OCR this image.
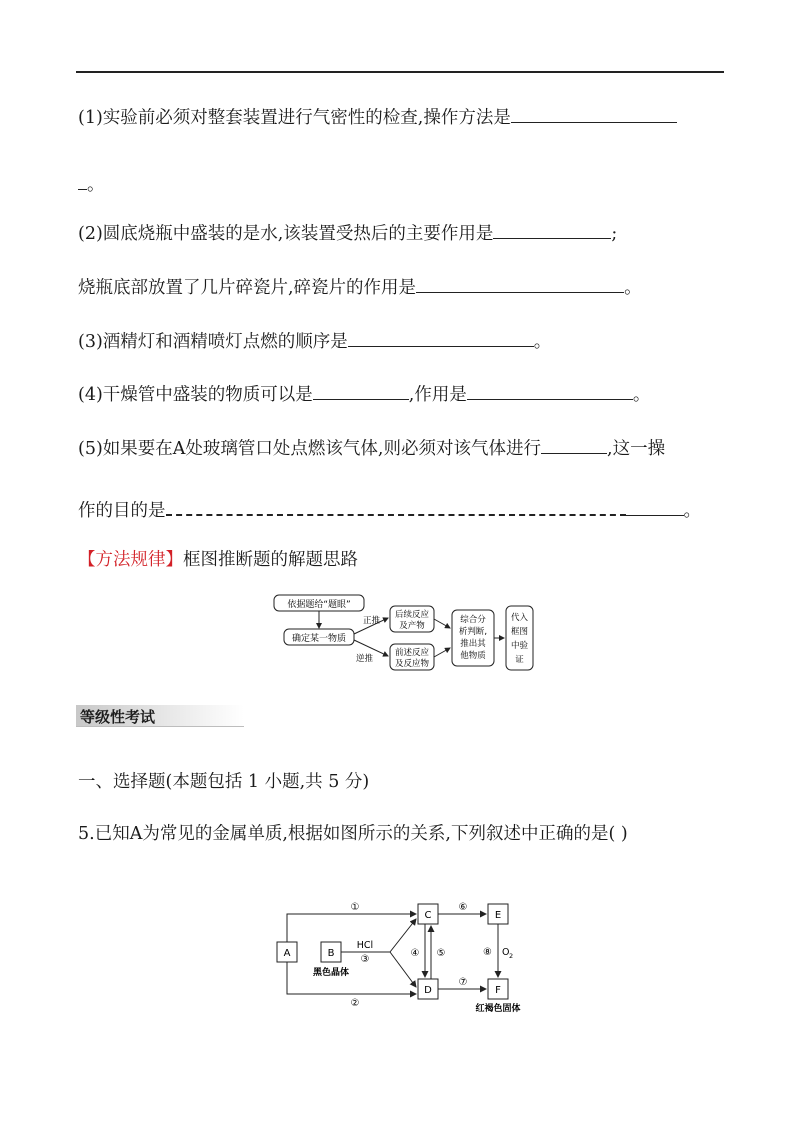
(1)实验前必须对整套装置进行气密性的检查,操作方法是
。
(2)圆底烧瓶中盛装的是水,该装置受热后的主要作用是	;
烧瓶底部放置了几片碎瓷片,碎瓷片的作用是	。
(3)酒精灯和酒精喷灯点燃的顺序是	。
(4)干燥管中盛装的物质可以是	,作用是	。
(5)如果要在A处玻璃管口处点燃该气体,则必须对该气体进行	,这一操
作的目的是	。
【方法规律】框图推断题的解题思路
依据题给“题眼”
确定某一物质
正推
逆推
后续反应
及产物
前述反应
及反应物
综合分
析判断,
推出其
他物质
代入
框图
中验
证
等级性考试
一、选择题(本题包括 1 小题,共 5 分)
5.已知A为常见的金属单质,根据如图所示的关系,下列叙述中正确的是( )
A	B
C
D
E
F
黑色晶体
红褐色固体
①
②
HCl
③
④ ⑤
⑥
⑦
⑧ O 2
